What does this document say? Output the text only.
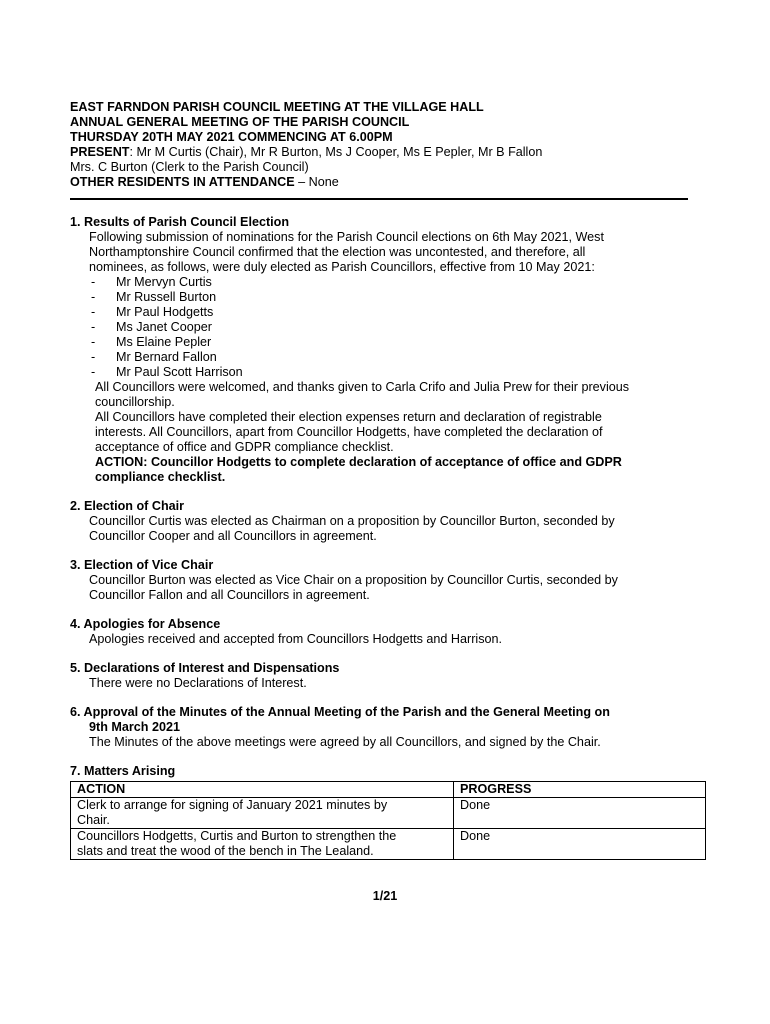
EAST FARNDON PARISH COUNCIL MEETING AT THE VILLAGE HALL
ANNUAL GENERAL MEETING OF THE PARISH COUNCIL
THURSDAY 20TH MAY 2021 COMMENCING AT 6.00PM
PRESENT: Mr M Curtis (Chair), Mr R Burton, Ms J Cooper, Ms E Pepler, Mr B Fallon
Mrs. C Burton (Clerk to the Parish Council)
OTHER RESIDENTS IN ATTENDANCE – None
1. Results of Parish Council Election
Following submission of nominations for the Parish Council elections on 6th May 2021, West
Northamptonshire Council confirmed that the election was uncontested, and therefore, all
nominees, as follows, were duly elected as Parish Councillors, effective from 10 May 2021:
- Mr Mervyn Curtis
- Mr Russell Burton
- Mr Paul Hodgetts
- Ms Janet Cooper
- Ms Elaine Pepler
- Mr Bernard Fallon
- Mr Paul Scott Harrison
All Councillors were welcomed, and thanks given to Carla Crifo and Julia Prew for their previous
councillorship.
All Councillors have completed their election expenses return and declaration of registrable
interests. All Councillors, apart from Councillor Hodgetts, have completed the declaration of
acceptance of office and GDPR compliance checklist.
ACTION: Councillor Hodgetts to complete declaration of acceptance of office and GDPR
compliance checklist.
2. Election of Chair
Councillor Curtis was elected as Chairman on a proposition by Councillor Burton, seconded by
Councillor Cooper and all Councillors in agreement.
3. Election of Vice Chair
Councillor Burton was elected as Vice Chair on a proposition by Councillor Curtis, seconded by
Councillor Fallon and all Councillors in agreement.
4. Apologies for Absence
Apologies received and accepted from Councillors Hodgetts and Harrison.
5. Declarations of Interest and Dispensations
There were no Declarations of Interest.
6. Approval of the Minutes of the Annual Meeting of the Parish and the General Meeting on
9th March 2021
The Minutes of the above meetings were agreed by all Councillors, and signed by the Chair.
7. Matters Arising
ACTION	PROGRESS

Clerk to arrange for signing of January 2021 minutes by
Chair.	Done

Councillors Hodgetts, Curtis and Burton to strengthen the
slats and treat the wood of the bench in The Lealand.	Done
1/21
